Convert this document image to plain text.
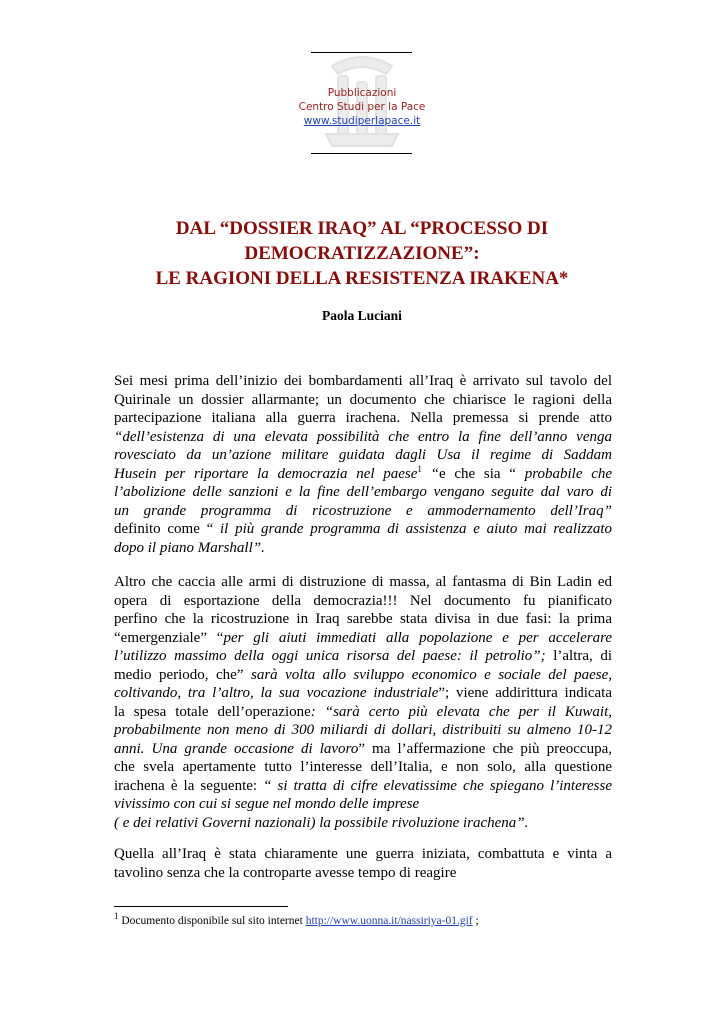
Pubblicazioni
Centro Studi per la Pace
www.studiperlapace.it
DAL “DOSSIER IRAQ” AL “PROCESSO DI
DEMOCRATIZZAZIONE”:
LE RAGIONI DELLA RESISTENZA IRAKENA*
Paola Luciani
Sei mesi prima dell’inizio dei bombardamenti all’Iraq è arrivato sul tavolo del
Quirinale un dossier allarmante; un documento che chiarisce le ragioni della
partecipazione italiana alla guerra irachena. Nella premessa si prende atto
“dell’esistenza di una elevata possibilità che entro la fine dell’anno venga
rovesciato da un’azione militare guidata dagli Usa il regime di Saddam
Husein per riportare la democrazia nel paese$^1$ “e che sia “ probabile che
l’abolizione delle sanzioni e la fine dell’embargo vengano seguite dal varo di
un grande programma di ricostruzione e ammodernamento dell’Iraq”
definito come “ il più grande programma di assistenza e aiuto mai realizzato
dopo il piano Marshall”.
Altro che caccia alle armi di distruzione di massa, al fantasma di Bin Ladin ed
opera di esportazione della democrazia!!! Nel documento fu pianificato
perfino che la ricostruzione in Iraq sarebbe stata divisa in due fasi: la prima
“emergenziale” “per gli aiuti immediati alla popolazione e per accelerare
l’utilizzo massimo della oggi unica risorsa del paese: il petrolio”; l’altra, di
medio periodo, che” sarà volta allo sviluppo economico e sociale del paese,
coltivando, tra l’altro, la sua vocazione industriale”; viene addirittura indicata
la spesa totale dell’operazione: “sarà certo più elevata che per il Kuwait,
probabilmente non meno di 300 miliardi di dollari, distribuiti su almeno 10-12
anni. Una grande occasione di lavoro” ma l’affermazione che più preoccupa,
che svela apertamente tutto l’interesse dell’Italia, e non solo, alla questione
irachena è la seguente: “ si tratta di cifre elevatissime che spiegano l’interesse
vivissimo con cui si segue nel mondo delle imprese
( e dei relativi Governi nazionali) la possibile rivoluzione irachena”.
Quella all’Iraq è stata chiaramente une guerra iniziata, combattuta e vinta a
tavolino senza che la controparte avesse tempo di reagire
$^1$ Documento disponibile sul sito internet http://www.uonna.it/nassiriya-01.gif ;
